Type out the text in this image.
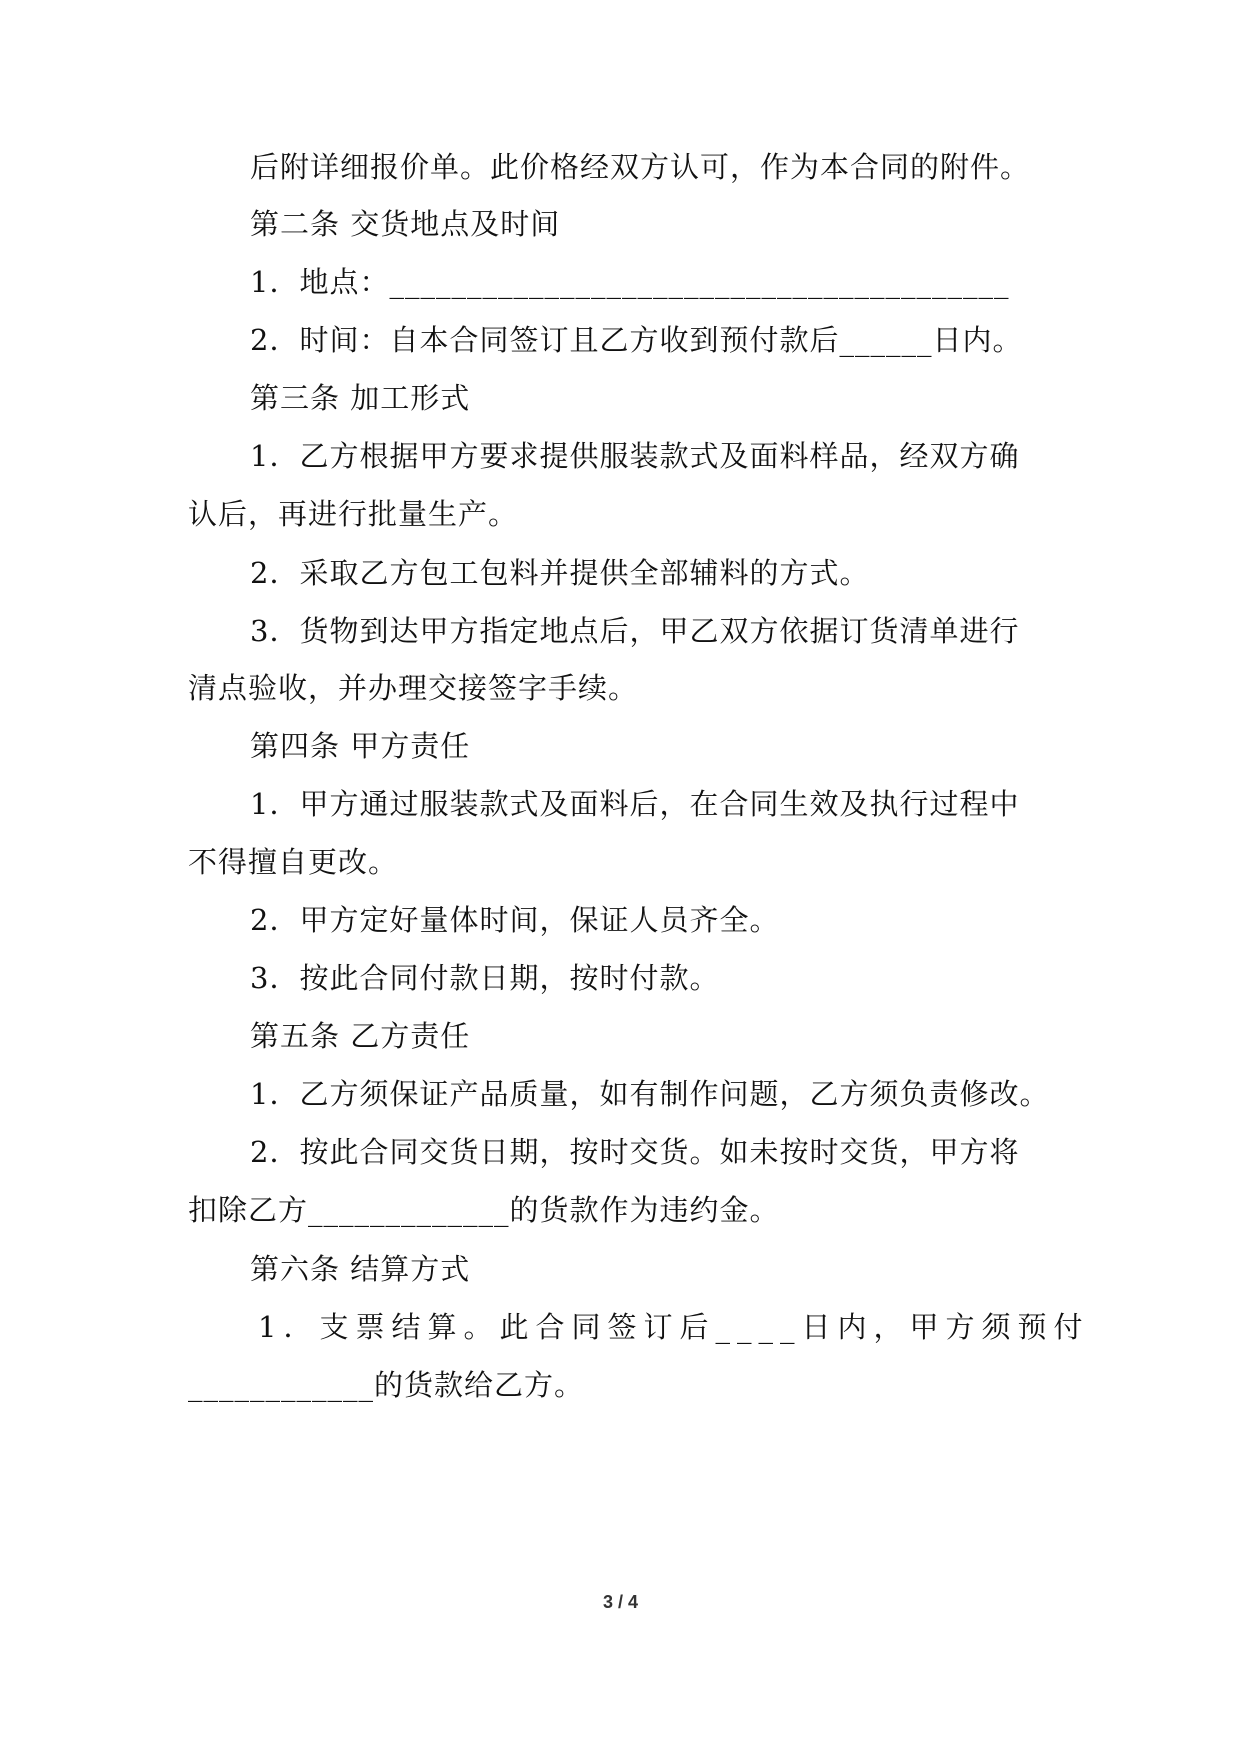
后附详细报价单。此价格经双方认可，作为本合同的附件。
第二条 交货地点及时间
1．地点：________________________________________
2．时间：自本合同签订且乙方收到预付款后______日内。
第三条 加工形式
1．乙方根据甲方要求提供服装款式及面料样品，经双方确
认后，再进行批量生产。
2．采取乙方包工包料并提供全部辅料的方式。
3．货物到达甲方指定地点后，甲乙双方依据订货清单进行
清点验收，并办理交接签字手续。
第四条 甲方责任
1．甲方通过服装款式及面料后，在合同生效及执行过程中
不得擅自更改。
2．甲方定好量体时间，保证人员齐全。
3．按此合同付款日期，按时付款。
第五条 乙方责任
1．乙方须保证产品质量，如有制作问题，乙方须负责修改。
2．按此合同交货日期，按时交货。如未按时交货，甲方将
扣除乙方_____________的货款作为违约金。
第六条 结算方式
1．支票结算。此合同签订后____日内，甲方须预付
____________的货款给乙方。
3 / 4
